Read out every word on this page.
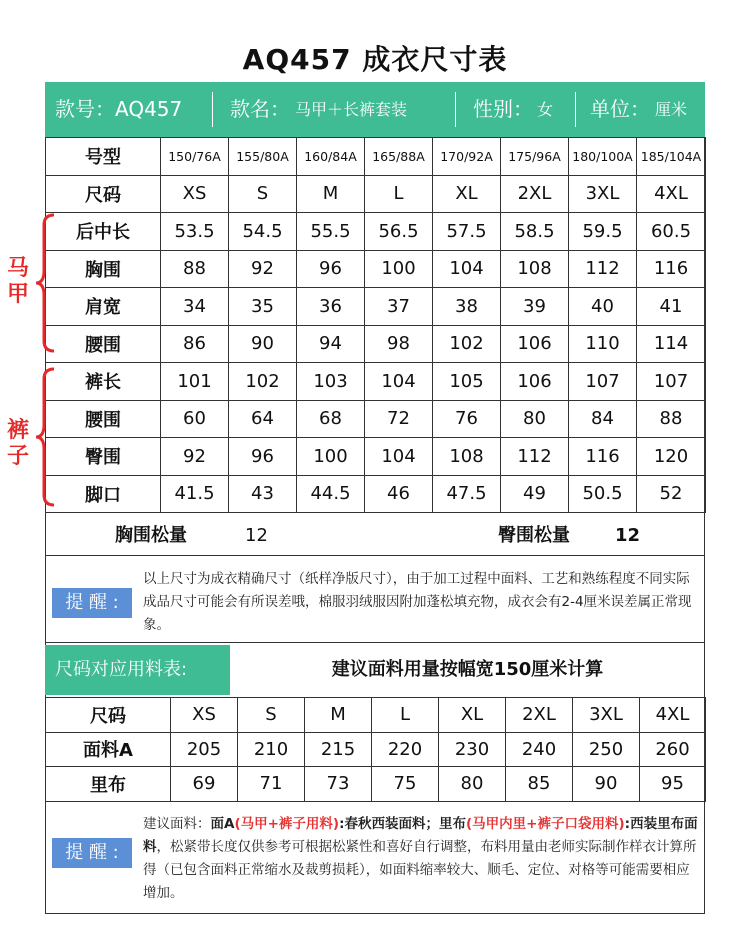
AQ457 成衣尺寸表
款号：AQ457 款名： 马甲＋长裤套装	性别： 女 单位： 厘米
号型	150/76A	155/80A	160/84A	165/88A	170/92A	175/96A	180/100A	185/104A
尺码	XS	S	M	L	XL	2XL	3XL	4XL
后中长	53.5	54.5	55.5	56.5	57.5	58.5	59.5	60.5
胸围	88	92	96	100	104	108	112	116
肩宽	34	35	36	37	38	39	40	41
腰围	86	90	94	98	102	106	110	114
裤长	101	102	103	104	105	106	107	107
腰围	60	64	68	72	76	80	84	88
臀围	92	96	100	104	108	112	116	120
脚口	41.5	43	44.5	46	47.5	49	50.5	52
马甲
裤子
胸围松量	12	臀围松量	12
提 醒 :
以上尺寸为成衣精确尺寸（纸样净版尺寸），由于加工过程中面料、工艺和熟练程度不同实际成品尺寸可能会有所误差哦，棉服羽绒服因附加蓬松填充物，成衣会有2-4厘米误差属正常现象。
尺码对应用料表:	建议面料用量按幅宽150厘米计算
尺码	XS	S	M	L	XL	2XL	3XL	4XL
面料A	205	210	215	220	230	240	250	260
里布	69	71	73	75	80	85	90	95
提 醒 :
建议面料：面A(马甲+裤子用料):春秋西装面料；里布(马甲内里+裤子口袋用料):西装里布面料，松紧带长度仅供参考可根据松紧性和喜好自行调整，布料用量由老师实际制作样衣计算所得（已包含面料正常缩水及裁剪损耗），如面料缩率较大、顺毛、定位、对格等可能需要相应增加。
